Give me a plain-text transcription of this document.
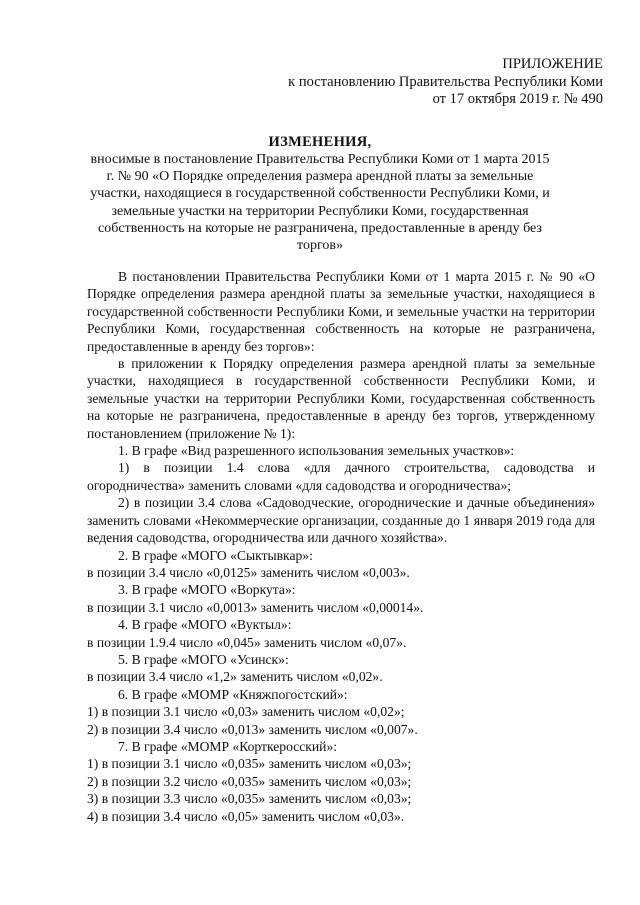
ПРИЛОЖЕНИЕ
к постановлению Правительства Республики Коми
от 17 октября 2019 г. № 490
ИЗМЕНЕНИЯ,
вносимые в постановление Правительства Республики Коми от 1 марта 2015 г. № 90 «О Порядке определения размера арендной платы за земельные участки, находящиеся в государственной собственности Республики Коми, и земельные участки на территории Республики Коми, государственная собственность на которые не разграничена, предоставленные в аренду без торгов»

В постановлении Правительства Республики Коми от 1 марта 2015 г. № 90 «О Порядке определения размера арендной платы за земельные участки, находящиеся в государственной собственности Республики Коми, и земельные участки на территории Республики Коми, государственная собственность на которые не разграничена, предоставленные в аренду без торгов»:

в приложении к Порядку определения размера арендной платы за земельные участки, находящиеся в государственной собственности Республики Коми, и земельные участки на территории Республики Коми, государственная собственность на которые не разграничена, предоставленные в аренду без торгов, утвержденному постановлением (приложение № 1):

1. В графе «Вид разрешенного использования земельных участков»:

1) в позиции 1.4 слова «для дачного строительства, садоводства и огородничества» заменить словами «для садоводства и огородничества»;

2) в позиции 3.4 слова «Садоводческие, огороднические и дачные объединения» заменить словами «Некоммерческие организации, созданные до 1 января 2019 года для ведения садоводства, огородничества или дачного хозяйства».

2. В графе «МОГО «Сыктывкар»:

в позиции 3.4 число «0,0125» заменить числом «0,003».

3. В графе «МОГО «Воркута»:

в позиции 3.1 число «0,0013» заменить числом «0,00014».

4. В графе «МОГО «Вуктыл»:

в позиции 1.9.4 число «0,045» заменить числом «0,07».

5. В графе «МОГО «Усинск»:

в позиции 3.4 число «1,2» заменить числом «0,02».

6. В графе «МОМР «Княжпогостский»:

1) в позиции 3.1 число «0,03» заменить числом «0,02»;

2) в позиции 3.4 число «0,013» заменить числом «0,007».

7. В графе «МОМР «Корткеросский»:

1) в позиции 3.1 число «0,035» заменить числом «0,03»;

2) в позиции 3.2 число «0,035» заменить числом «0,03»;

3) в позиции 3.3 число «0,035» заменить числом «0,03»;

4) в позиции 3.4 число «0,05» заменить числом «0,03».
